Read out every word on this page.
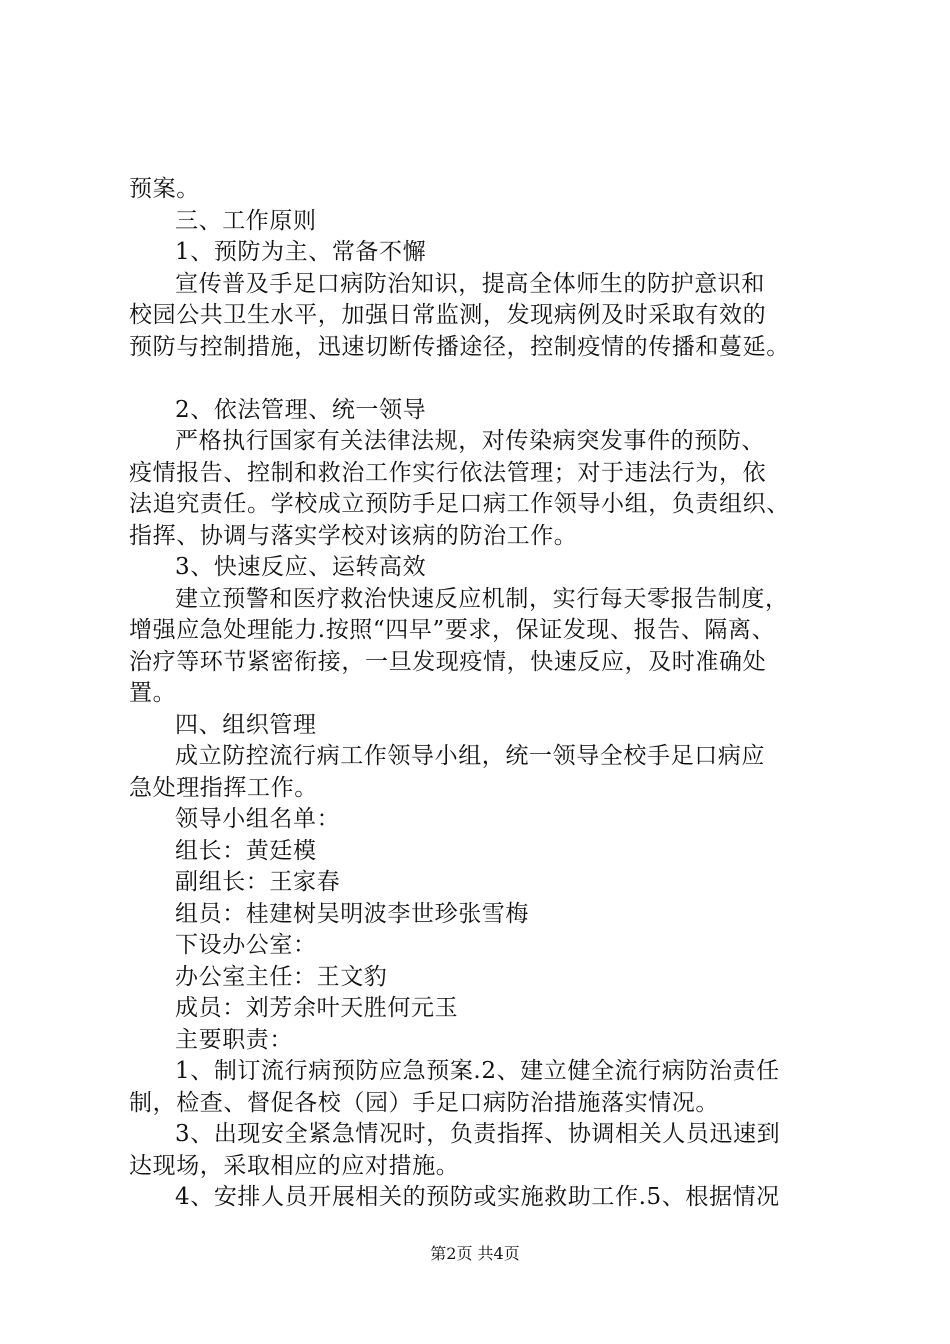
预案。
三、工作原则
1、预防为主、常备不懈
宣传普及手足口病防治知识，提高全体师生的防护意识和
校园公共卫生水平，加强日常监测，发现病例及时采取有效的
预防与控制措施，迅速切断传播途径，控制疫情的传播和蔓延。
2、依法管理、统一领导
严格执行国家有关法律法规，对传染病突发事件的预防、
疫情报告、控制和救治工作实行依法管理；对于违法行为，依
法追究责任。学校成立预防手足口病工作领导小组，负责组织、
指挥、协调与落实学校对该病的防治工作。
3、快速反应、运转高效
建立预警和医疗救治快速反应机制，实行每天零报告制度，
增强应急处理能力.按照“四早”要求，保证发现、报告、隔离、
治疗等环节紧密衔接，一旦发现疫情，快速反应，及时准确处
置。
四、组织管理
成立防控流行病工作领导小组，统一领导全校手足口病应
急处理指挥工作。
领导小组名单：
组长：黄廷模
副组长：王家春
组员：桂建树吴明波李世珍张雪梅
下设办公室：
办公室主任：王文豹
成员：刘芳余叶天胜何元玉
主要职责：
1、制订流行病预防应急预案.2、建立健全流行病防治责任
制，检查、督促各校（园）手足口病防治措施落实情况。
3、出现安全紧急情况时，负责指挥、协调相关人员迅速到
达现场，采取相应的应对措施。
4、安排人员开展相关的预防或实施救助工作.5、根据情况
第2页 共4页
